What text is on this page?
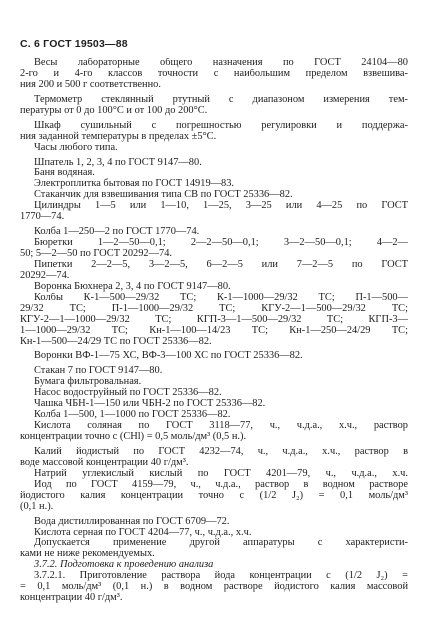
С. 6 ГОСТ 19503—88
Весы лабораторные общего назначения по ГОСТ 24104—80
2-го и 4-го классов точности с наибольшим пределом взвешива-
ния 200 и 500 г соответственно.
Термометр стеклянный ртутный с диапазоном измерения тем-
пературы от 0 до 100°С и от 100 до 200°С.
Шкаф сушильный с погрешностью регулировки и поддержа-
ния заданной температуры в пределах ±5°С.
Часы любого типа.
Шпатель 1, 2, 3, 4 по ГОСТ 9147—80.
Баня водяная.
Электроплитка бытовая по ГОСТ 14919—83.
Стаканчик для взвешивания типа СВ по ГОСТ 25336—82.
Цилиндры 1—5 или 1—10, 1—25, 3—25 или 4—25 по ГОСТ
1770—74.
Колба 1—250—2 по ГОСТ 1770—74.
Бюретки 1—2—50—0,1; 2—2—50—0,1; 3—2—50—0,1; 4—2—
50; 5—2—50 по ГОСТ 20292—74.
Пипетки 2—2—5, 3—2—5, 6—2—5 или 7—2—5 по ГОСТ
20292—74.
Воронка Бюхнера 2, 3, 4 по ГОСТ 9147—80.
Колбы К-1—500—29/32 ТС; К-1—1000—29/32 ТС; П-1—500—
29/32 ТС; П-1—1000—29/32 ТС; КГУ-2—1—500—29/32 ТС;
КГУ-2—1—1000—29/32 ТС; КГП-3—1—500—29/32 ТС; КГП-3—
1—1000—29/32 ТС; Кн-1—100—14/23 ТС; Кн-1—250—24/29 ТС;
Кн-1—500—24/29 ТС по ГОСТ 25336—82.
Воронки ВФ-1—75 ХС, ВФ-3—100 ХС по ГОСТ 25336—82.
Стакан 7 по ГОСТ 9147—80.
Бумага фильтровальная.
Насос водоструйный по ГОСТ 25336—82.
Чашка ЧБН-1—150 или ЧБН-2 по ГОСТ 25336—82.
Колба 1—500, 1—1000 по ГОСТ 25336—82.
Кислота соляная по ГОСТ 3118—77, ч., ч.д.а., х.ч., раствор
концентрации точно с (СНl) = 0,5 моль/дм³ (0,5 н.).
Калий йодистый по ГОСТ 4232—74, ч., ч.д.а., х.ч., раствор в
воде массовой концентрации 40 г/дм³.
Натрий углекислый кислый по ГОСТ 4201—79, ч., ч.д.а., х.ч.
Йод по ГОСТ 4159—79, ч., ч.д.а., раствор в водном растворе
йодистого калия концентрации точно с (1/2 J₂) = 0,1 моль/дм³
(0,1 н.).
Вода дистиллированная по ГОСТ 6709—72.
Кислота серная по ГОСТ 4204—77, ч., ч.д.а., х.ч.
Допускается применение другой аппаратуры с характеристи-
ками не ниже рекомендуемых.
3.7.2. Подготовка к проведению анализа
3.7.2.1. Приготовление раствора йода концентрации с (1/2 J₂) =
= 0,1 моль/дм³ (0,1 н.) в водном растворе йодистого калия массовой
концентрации 40 г/дм³.
